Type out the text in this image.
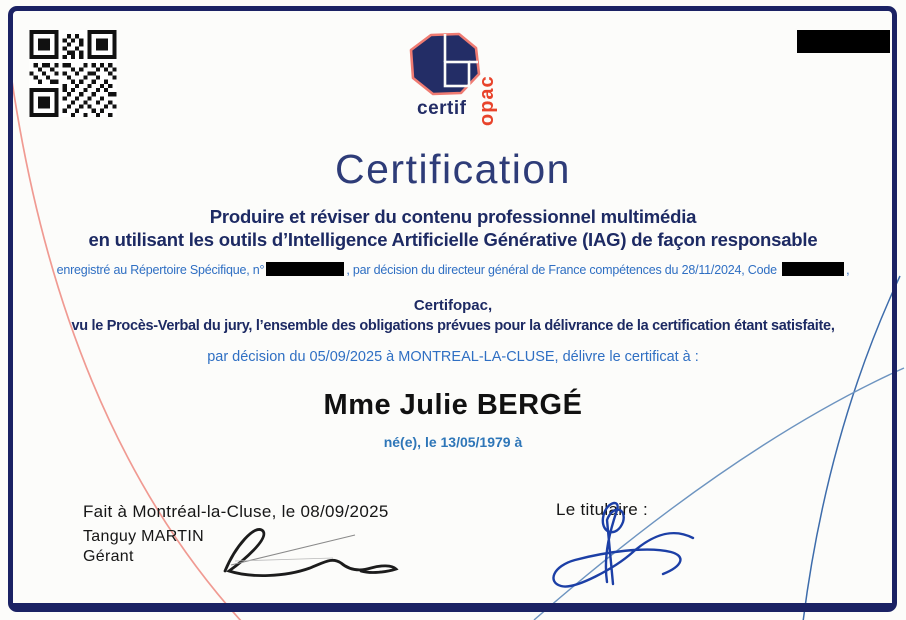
certif opac
Certification
Produire et réviser du contenu professionnel multimédia
en utilisant les outils d’Intelligence Artificielle Générative (IAG) de façon responsable
enregistré au Répertoire Spécifique, n°	, par décision du directeur général de France compétences du 28/11/2024, Code	,
Certifopac,
vu le Procès-Verbal du jury, l’ensemble des obligations prévues pour la délivrance de la certification étant satisfaite,
par décision du 05/09/2025 à MONTREAL-LA-CLUSE, délivre le certificat à :
Mme Julie BERGÉ
né(e), le 13/05/1979 à
Fait à Montréal-la-Cluse, le 08/09/2025
Tanguy MARTIN
Gérant
Le titulaire :
